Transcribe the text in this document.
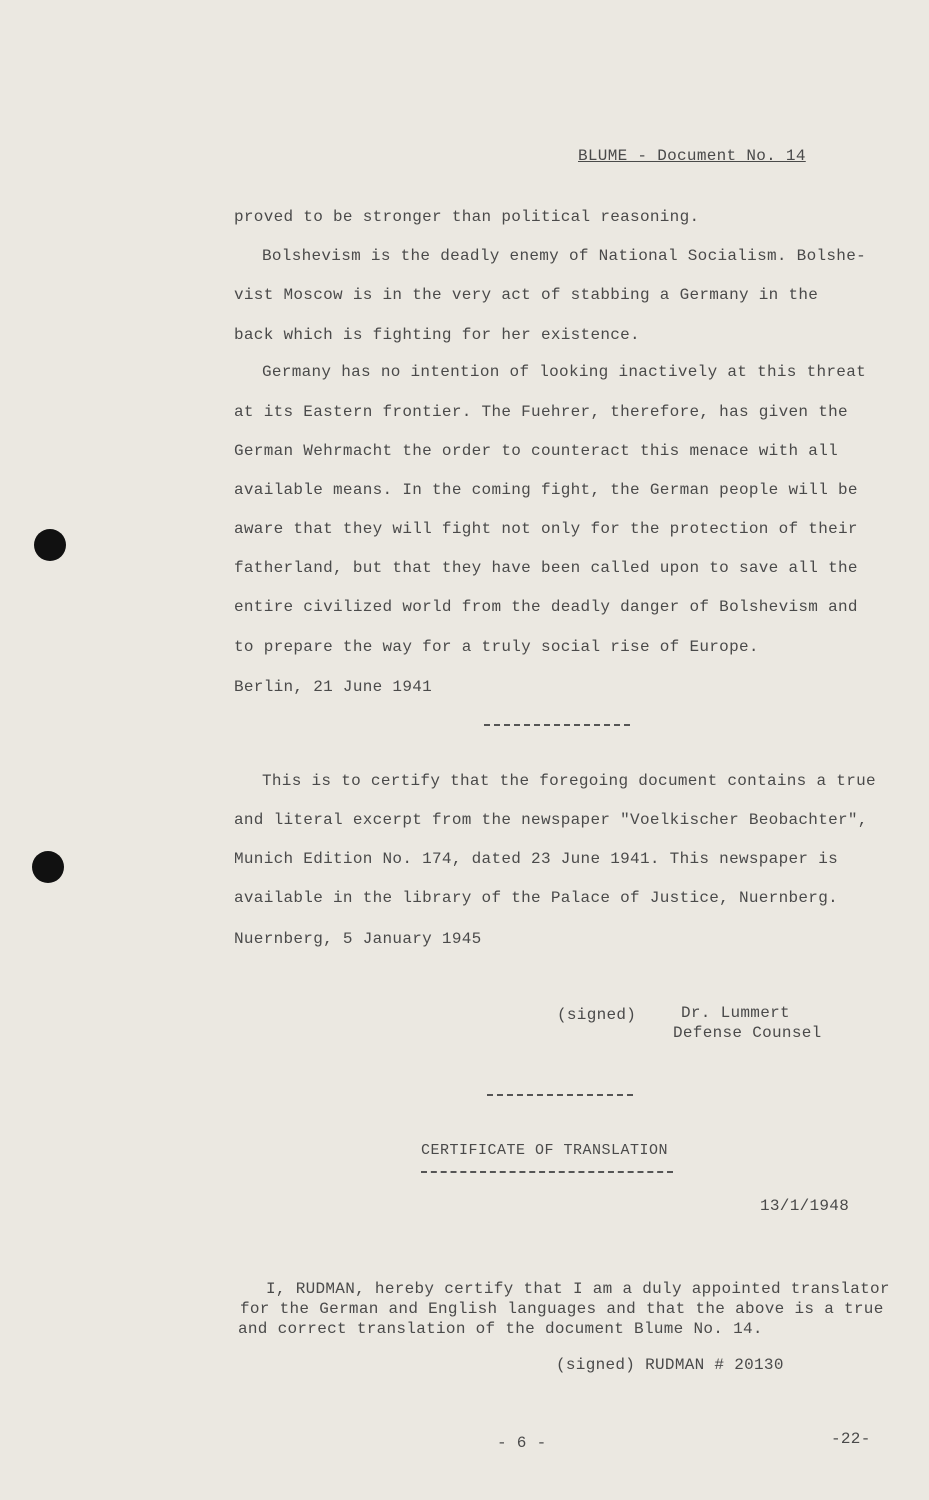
BLUME - Document No. 14
proved to be stronger than political reasoning.
Bolshevism is the deadly enemy of National Socialism. Bolshe-
vist Moscow is in the very act of stabbing a Germany in the
back which is fighting for her existence.
Germany has no intention of looking inactively at this threat
at its Eastern frontier. The Fuehrer, therefore, has given the
German Wehrmacht the order to counteract this menace with all
available means. In the coming fight, the German people will be
aware that they will fight not only for the protection of their
fatherland, but that they have been called upon to save all the
entire civilized world from the deadly danger of Bolshevism and
to prepare the way for a truly social rise of Europe.
Berlin, 21 June 1941
This is to certify that the foregoing document contains a true
and literal excerpt from the newspaper "Voelkischer Beobachter",
Munich Edition No. 174, dated 23 June 1941. This newspaper is
available in the library of the Palace of Justice, Nuernberg.
Nuernberg, 5 January 1945
(signed)	Dr. Lummert
Defense Counsel
CERTIFICATE OF TRANSLATION
13/1/1948
I, RUDMAN, hereby certify that I am a duly appointed translator
for the German and English languages and that the above is a true
and correct translation of the document Blume No. 14.
(signed) RUDMAN # 20130
- 6 -	-22-
